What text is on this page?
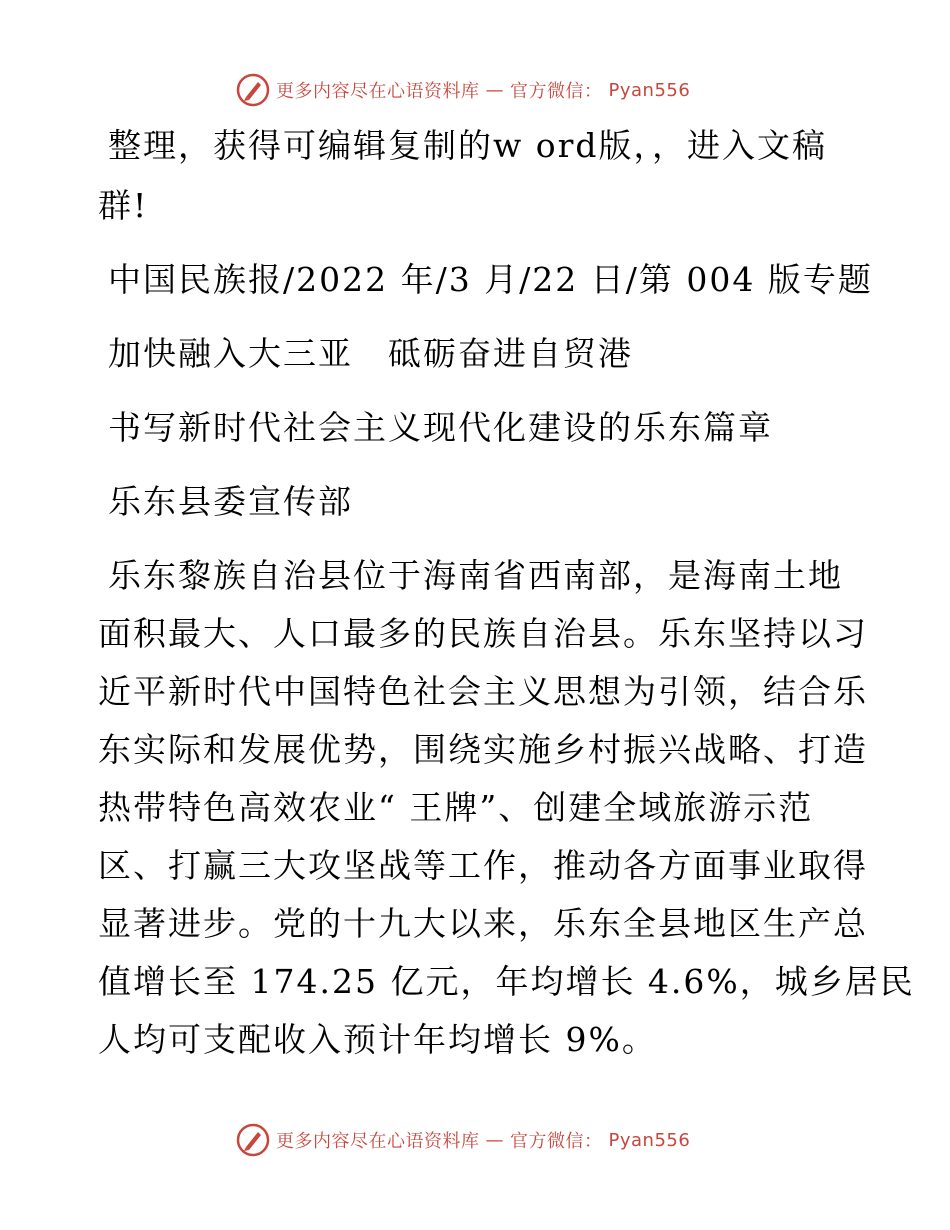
更多内容尽在心语资料库 — 官方微信： Pyan556
整理，获得可编辑复制的w ord版，，进入文稿
群!
中国民族报/2022 年/3 月/22 日/第 004 版专题
加快融入大三亚　砥砺奋进自贸港
书写新时代社会主义现代化建设的乐东篇章
乐东县委宣传部
乐东黎族自治县位于海南省西南部，是海南土地
面积最大、人口最多的民族自治县。乐东坚持以习
近平新时代中国特色社会主义思想为引领，结合乐
东实际和发展优势，围绕实施乡村振兴战略、打造
热带特色高效农业“ 王牌”、创建全域旅游示范
区、打赢三大攻坚战等工作，推动各方面事业取得
显著进步。党的十九大以来，乐东全县地区生产总
值增长至 174.25 亿元，年均增长 4.6%，城乡居民
人均可支配收入预计年均增长 9%。
更多内容尽在心语资料库 — 官方微信： Pyan556
